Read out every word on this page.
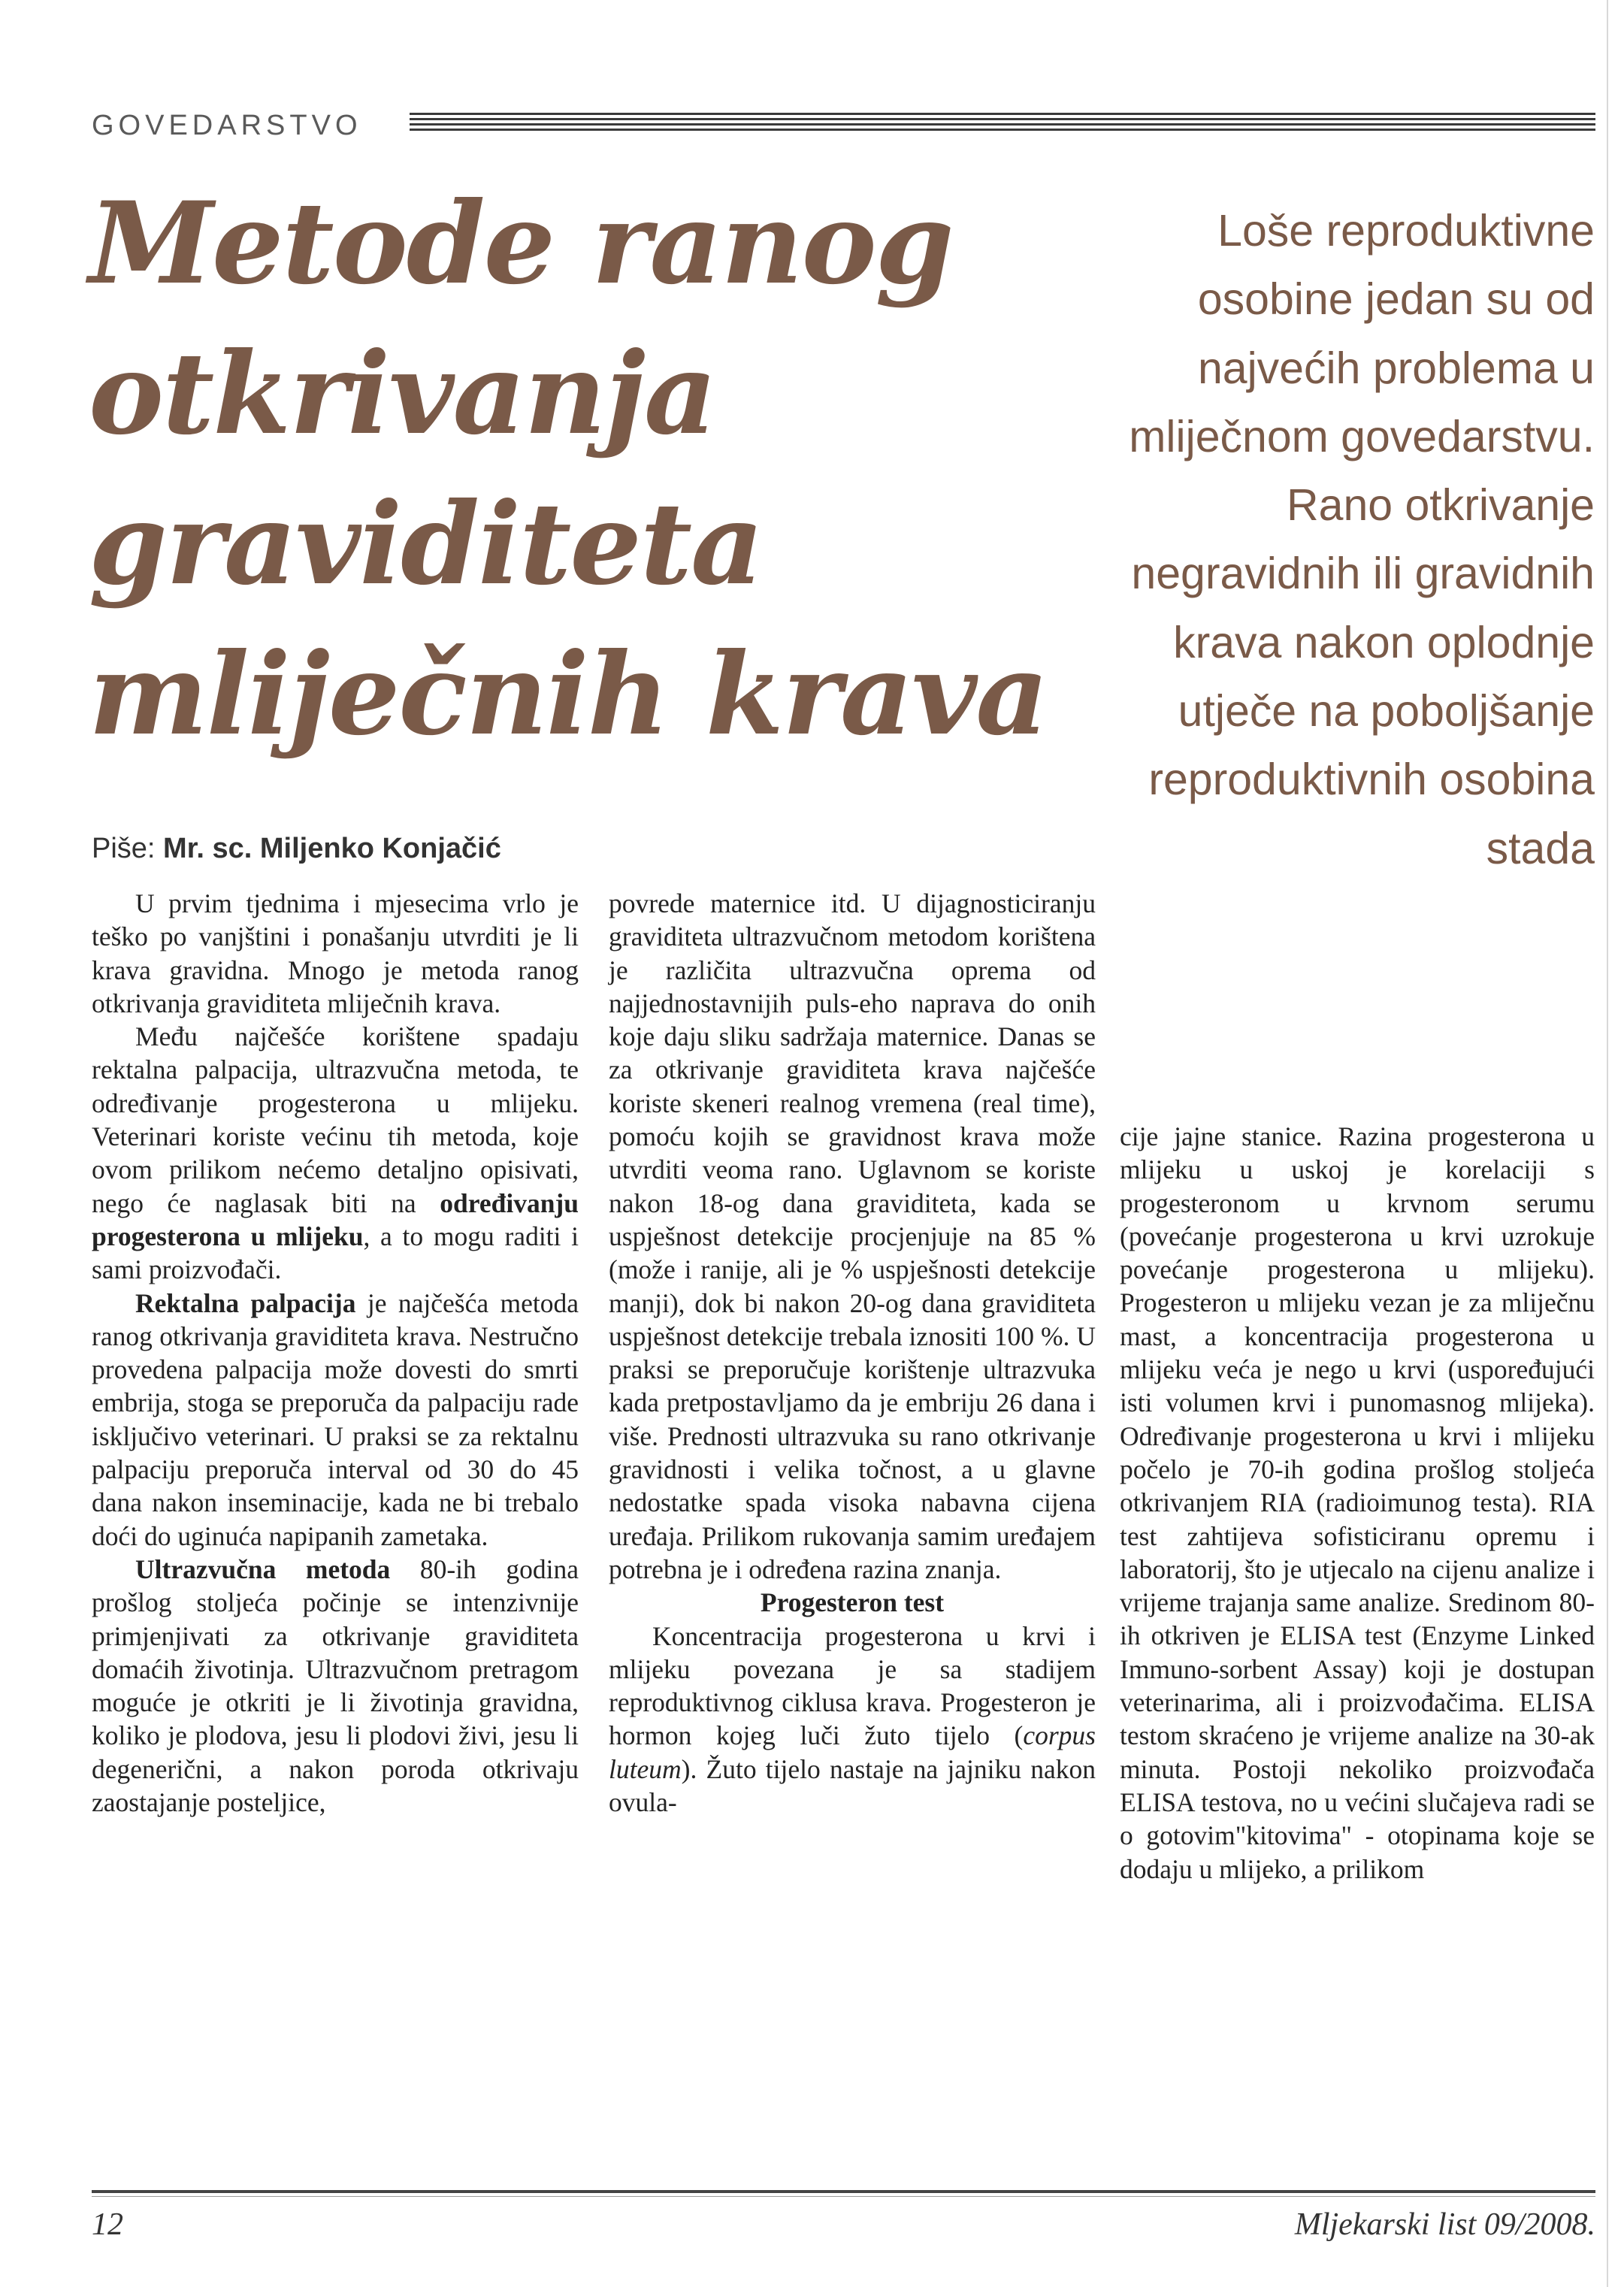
GOVEDARSTVO
Metode ranog
otkrivanja
graviditeta
mliječnih krava
Piše: Mr. sc. Miljenko Konjačić
Loše reproduktivne osobine jedan su od najvećih problema u mliječnom govedarstvu. Rano otkrivanje negravidnih ili gravidnih krava nakon oplodnje utječe na poboljšanje reproduktivnih osobina stada

U prvim tjednima i mjesecima vrlo je teško po vanjštini i ponašanju utvrditi je li krava gravidna. Mnogo je metoda ranog otkrivanja graviditeta mliječnih krava.

Među najčešće korištene spadaju rektalna palpacija, ultrazvučna metoda, te određivanje progesterona u mlijeku. Veterinari koriste većinu tih metoda, koje ovom prilikom nećemo detaljno opisivati, nego će naglasak biti na određivanju progesterona u mlijeku, a to mogu raditi i sami proizvođači.

Rektalna palpacija je najčešća metoda ranog otkrivanja graviditeta krava. Nestručno provedena palpacija može dovesti do smrti embrija, stoga se preporuča da palpaciju rade isključivo veterinari. U praksi se za rektalnu palpaciju preporuča interval od 30 do 45 dana nakon inseminacije, kada ne bi trebalo doći do uginuća napipanih zametaka.

Ultrazvučna metoda 80-ih godina prošlog stoljeća počinje se intenzivnije primjenjivati za otkrivanje graviditeta domaćih životinja. Ultrazvučnom pretragom moguće je otkriti je li životinja gravidna, koliko je plodova, jesu li plodovi živi, jesu li degenerični, a nakon poroda otkrivaju zaostajanje posteljice,

povrede maternice itd. U dijagnosticiranju graviditeta ultrazvučnom metodom korištena je različita ultrazvučna oprema od najjednostavnijih puls-eho naprava do onih koje daju sliku sadržaja maternice. Danas se za otkrivanje graviditeta krava najčešće koriste skeneri realnog vremena (real time), pomoću kojih se gravidnost krava može utvrditi veoma rano. Uglavnom se koriste nakon 18-og dana graviditeta, kada se uspješnost detekcije procjenjuje na 85 % (može i ranije, ali je % uspješnosti detekcije manji), dok bi nakon 20-og dana graviditeta uspješnost detekcije trebala iznositi 100 %. U praksi se preporučuje korištenje ultrazvuka kada pretpostavljamo da je embriju 26 dana i više. Prednosti ultrazvuka su rano otkrivanje gravidnosti i velika točnost, a u glavne nedostatke spada visoka nabavna cijena uređaja. Prilikom rukovanja samim uređajem potrebna je i određena razina znanja.

Progesteron test

Koncentracija progesterona u krvi i mlijeku povezana je sa stadijem reproduktivnog ciklusa krava. Progesteron je hormon kojeg luči žuto tijelo (corpus luteum). Žuto tijelo nastaje na jajniku nakon ovula-

cije jajne stanice. Razina progesterona u mlijeku u uskoj je korelaciji s progesteronom u krvnom serumu (povećanje progesterona u krvi uzrokuje povećanje progesterona u mlijeku). Progesteron u mlijeku vezan je za mliječnu mast, a koncentracija progesterona u mlijeku veća je nego u krvi (uspoređujući isti volumen krvi i punomasnog mlijeka). Određivanje progesterona u krvi i mlijeku počelo je 70-ih godina prošlog stoljeća otkrivanjem RIA (radioimunog testa). RIA test zahtijeva sofisticiranu opremu i laboratorij, što je utjecalo na cijenu analize i vrijeme trajanja same analize. Sredinom 80-ih otkriven je ELISA test (Enzyme Linked Immuno-sorbent Assay) koji je dostupan veterinarima, ali i proizvođačima. ELISA testom skraćeno je vrijeme analize na 30-ak minuta. Postoji nekoliko proizvođača ELISA testova, no u većini slučajeva radi se o gotovim"kitovima" - otopinama koje se dodaju u mlijeko, a prilikom

12	Mljekarski list 09/2008.
